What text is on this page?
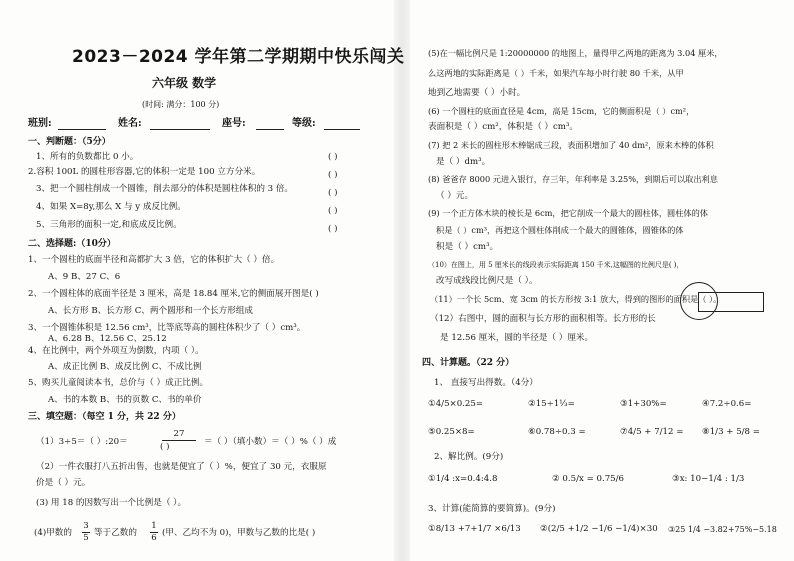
2023－2024 学年第二学期期中快乐闯关
六年级 数学
(时间: 满分：100 分)
班别:	姓名:	座号:	等级:
一、判断题：（5分）
1、所有的负数都比 0 小。	( )
2.容积 100L 的圆柱形容器,它的体积一定是 100 立方分米。	( )
3、把一个圆柱削成一个圆锥，削去部分的体积是圆柱体积的 3 倍。	( )
4、如果 X=8y,那么 X 与 y 成反比例。	( )
5、三角形的面积一定,和底成反比例。	( )
二、选择题:（10分）
1、一个圆柱的底面半径和高都扩大 3 倍，它的体积扩大（ ）倍。
A、9 B、27 C、6
2、一个圆柱体的底面半径是 3 厘米，高是 18.84 厘米,它的侧面展开图是( )
A、长方形 B、长方形 C、两个圆形和一个长方形组成
3、一个圆锥体积是 12.56 cm³，比等底等高的圆柱体积少了（ ）cm³。
A、6.28 B、12.56 C、25.12
4、在比例中，两个外项互为倒数，内项（ ）。
A、成正比例 B、成反比例 C、不成比例
5、购买儿童阅读本书，总价与（ ）成正比例。
A、书的本数 B、书的页数 C、书的单价
三、填空题：（每空 1 分，共 22 分）
（1）3÷5＝（ ）:20＝
27
( )	＝（ ）（填小数）＝（ ）%（ ）成
（2）一件衣服打八五折出售，也就是便宜了（ ）%，便宜了 30 元，衣服原
价是（ ）元。
(3) 用 18 的因数写出一个比例是（ ）。
(4)甲数的
3
5 等于乙数的
1
6 (甲、乙均不为 0)，甲数与乙数的比是( )
(5)在一幅比例尺是 1:20000000 的地图上，量得甲乙两地的距离为 3.04 厘米，
么这两地的实际距离是（ ）千米，如果汽车每小时行驶 80 千米，从甲
地到乙地需要（ ）小时。
(6) 一个圆柱的底面直径是 4cm，高是 15cm，它的侧面积是（ ）cm²，
表面积是（ ）cm²，体积是（ ）cm³。
(7) 把 2 米长的圆柱形木棒锯成三段，表面积增加了 40 dm²，原来木棒的体积
是（ ）dm³。
(8) 爸爸存 8000 元进入银行，存三年，年利率是 3.25%，到期后可以取出利息
（ ）元。
(9) 一个正方体木块的棱长是 6cm，把它削成一个最大的圆柱体，圆柱体的体
积是（ ）cm³，再把这个圆柱体削成一个最大的圆锥体，圆锥体的体
积是（ ）cm³。
（10）在图上，用 5 厘米长的线段表示实际距离 150 千米,这幅图的比例尺是( )，
改写成线段比例尺是（ ）。
（11）一个长 5cm、宽 3cm 的长方形按 3:1 放大，得到的图形的面积是（ ）。
（12）右图中，圆的面积与长方形的面积相等。长方形的长
是 12.56 厘米，圆的半径是（ ）厘米。
四、计算题。（22 分）
1、 直接写出得数。（4分）
①4/5×0.25=	②15÷1⅓=	③1+30%=	④7.2÷0.6=
⑤0.25×8=	⑥0.78÷0.3 =	⑦4/5 + 7/12 = ⑧1/3 + 5/8 =
2、解比例。(9分)
①1/4 :x=0.4:4.8	② 0.5/x = 0.75/6	③x: 10−1/4 : 1/3
3、计算(能简算的要简算)。(9分)
①8/13 +7+1/7 ×6/13 ②(2/5 +1/2 −1/6 −1/4)×30 ③25 1/4 −3.82+75%−5.18
